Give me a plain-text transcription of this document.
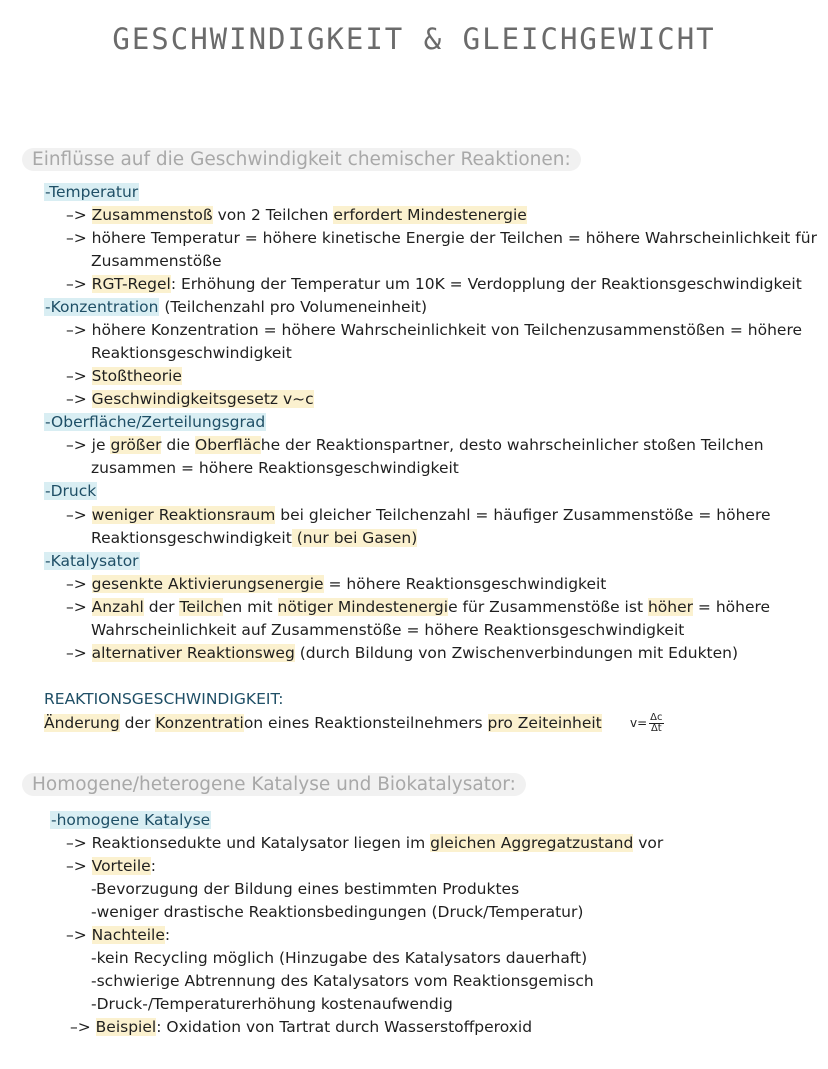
GESCHWINDIGKEIT & GLEICHGEWICHT
Einflüsse auf die Geschwindigkeit chemischer Reaktionen:
-Temperatur
–> Zusammenstoß von 2 Teilchen erfordert Mindestenergie
–> höhere Temperatur = höhere kinetische Energie der Teilchen = höhere Wahrscheinlichkeit für
Zusammenstöße
–> RGT-Regel: Erhöhung der Temperatur um 10K = Verdopplung der Reaktionsgeschwindigkeit
-Konzentration (Teilchenzahl pro Volumeneinheit)
–> höhere Konzentration = höhere Wahrscheinlichkeit von Teilchenzusammenstößen = höhere
Reaktionsgeschwindigkeit
–> Stoßtheorie
–> Geschwindigkeitsgesetz v~c
-Oberfläche/Zerteilungsgrad
–> je größer die Oberfläche der Reaktionspartner, desto wahrscheinlicher stoßen Teilchen
zusammen = höhere Reaktionsgeschwindigkeit
-Druck
–> weniger Reaktionsraum bei gleicher Teilchenzahl = häufiger Zusammenstöße = höhere
Reaktionsgeschwindigkeit (nur bei Gasen)
-Katalysator
–> gesenkte Aktivierungsenergie = höhere Reaktionsgeschwindigkeit
–> Anzahl der Teilchen mit nötiger Mindestenergie für Zusammenstöße ist höher = höhere
Wahrscheinlichkeit auf Zusammenstöße = höhere Reaktionsgeschwindigkeit
–> alternativer Reaktionsweg (durch Bildung von Zwischenverbindungen mit Edukten)
REAKTIONSGESCHWINDIGKEIT:
Änderung der Konzentration eines Reaktionsteilnehmers pro Zeiteinheit $v= \frac{\Delta c}{\Delta t}$
Homogene/heterogene Katalyse und Biokatalysator:
-homogene Katalyse
–> Reaktionsedukte und Katalysator liegen im gleichen Aggregatzustand vor
–> Vorteile:
-Bevorzugung der Bildung eines bestimmten Produktes
-weniger drastische Reaktionsbedingungen (Druck/Temperatur)
–> Nachteile:
-kein Recycling möglich (Hinzugabe des Katalysators dauerhaft)
-schwierige Abtrennung des Katalysators vom Reaktionsgemisch
-Druck-/Temperaturerhöhung kostenaufwendig
–> Beispiel: Oxidation von Tartrat durch Wasserstoffperoxid
